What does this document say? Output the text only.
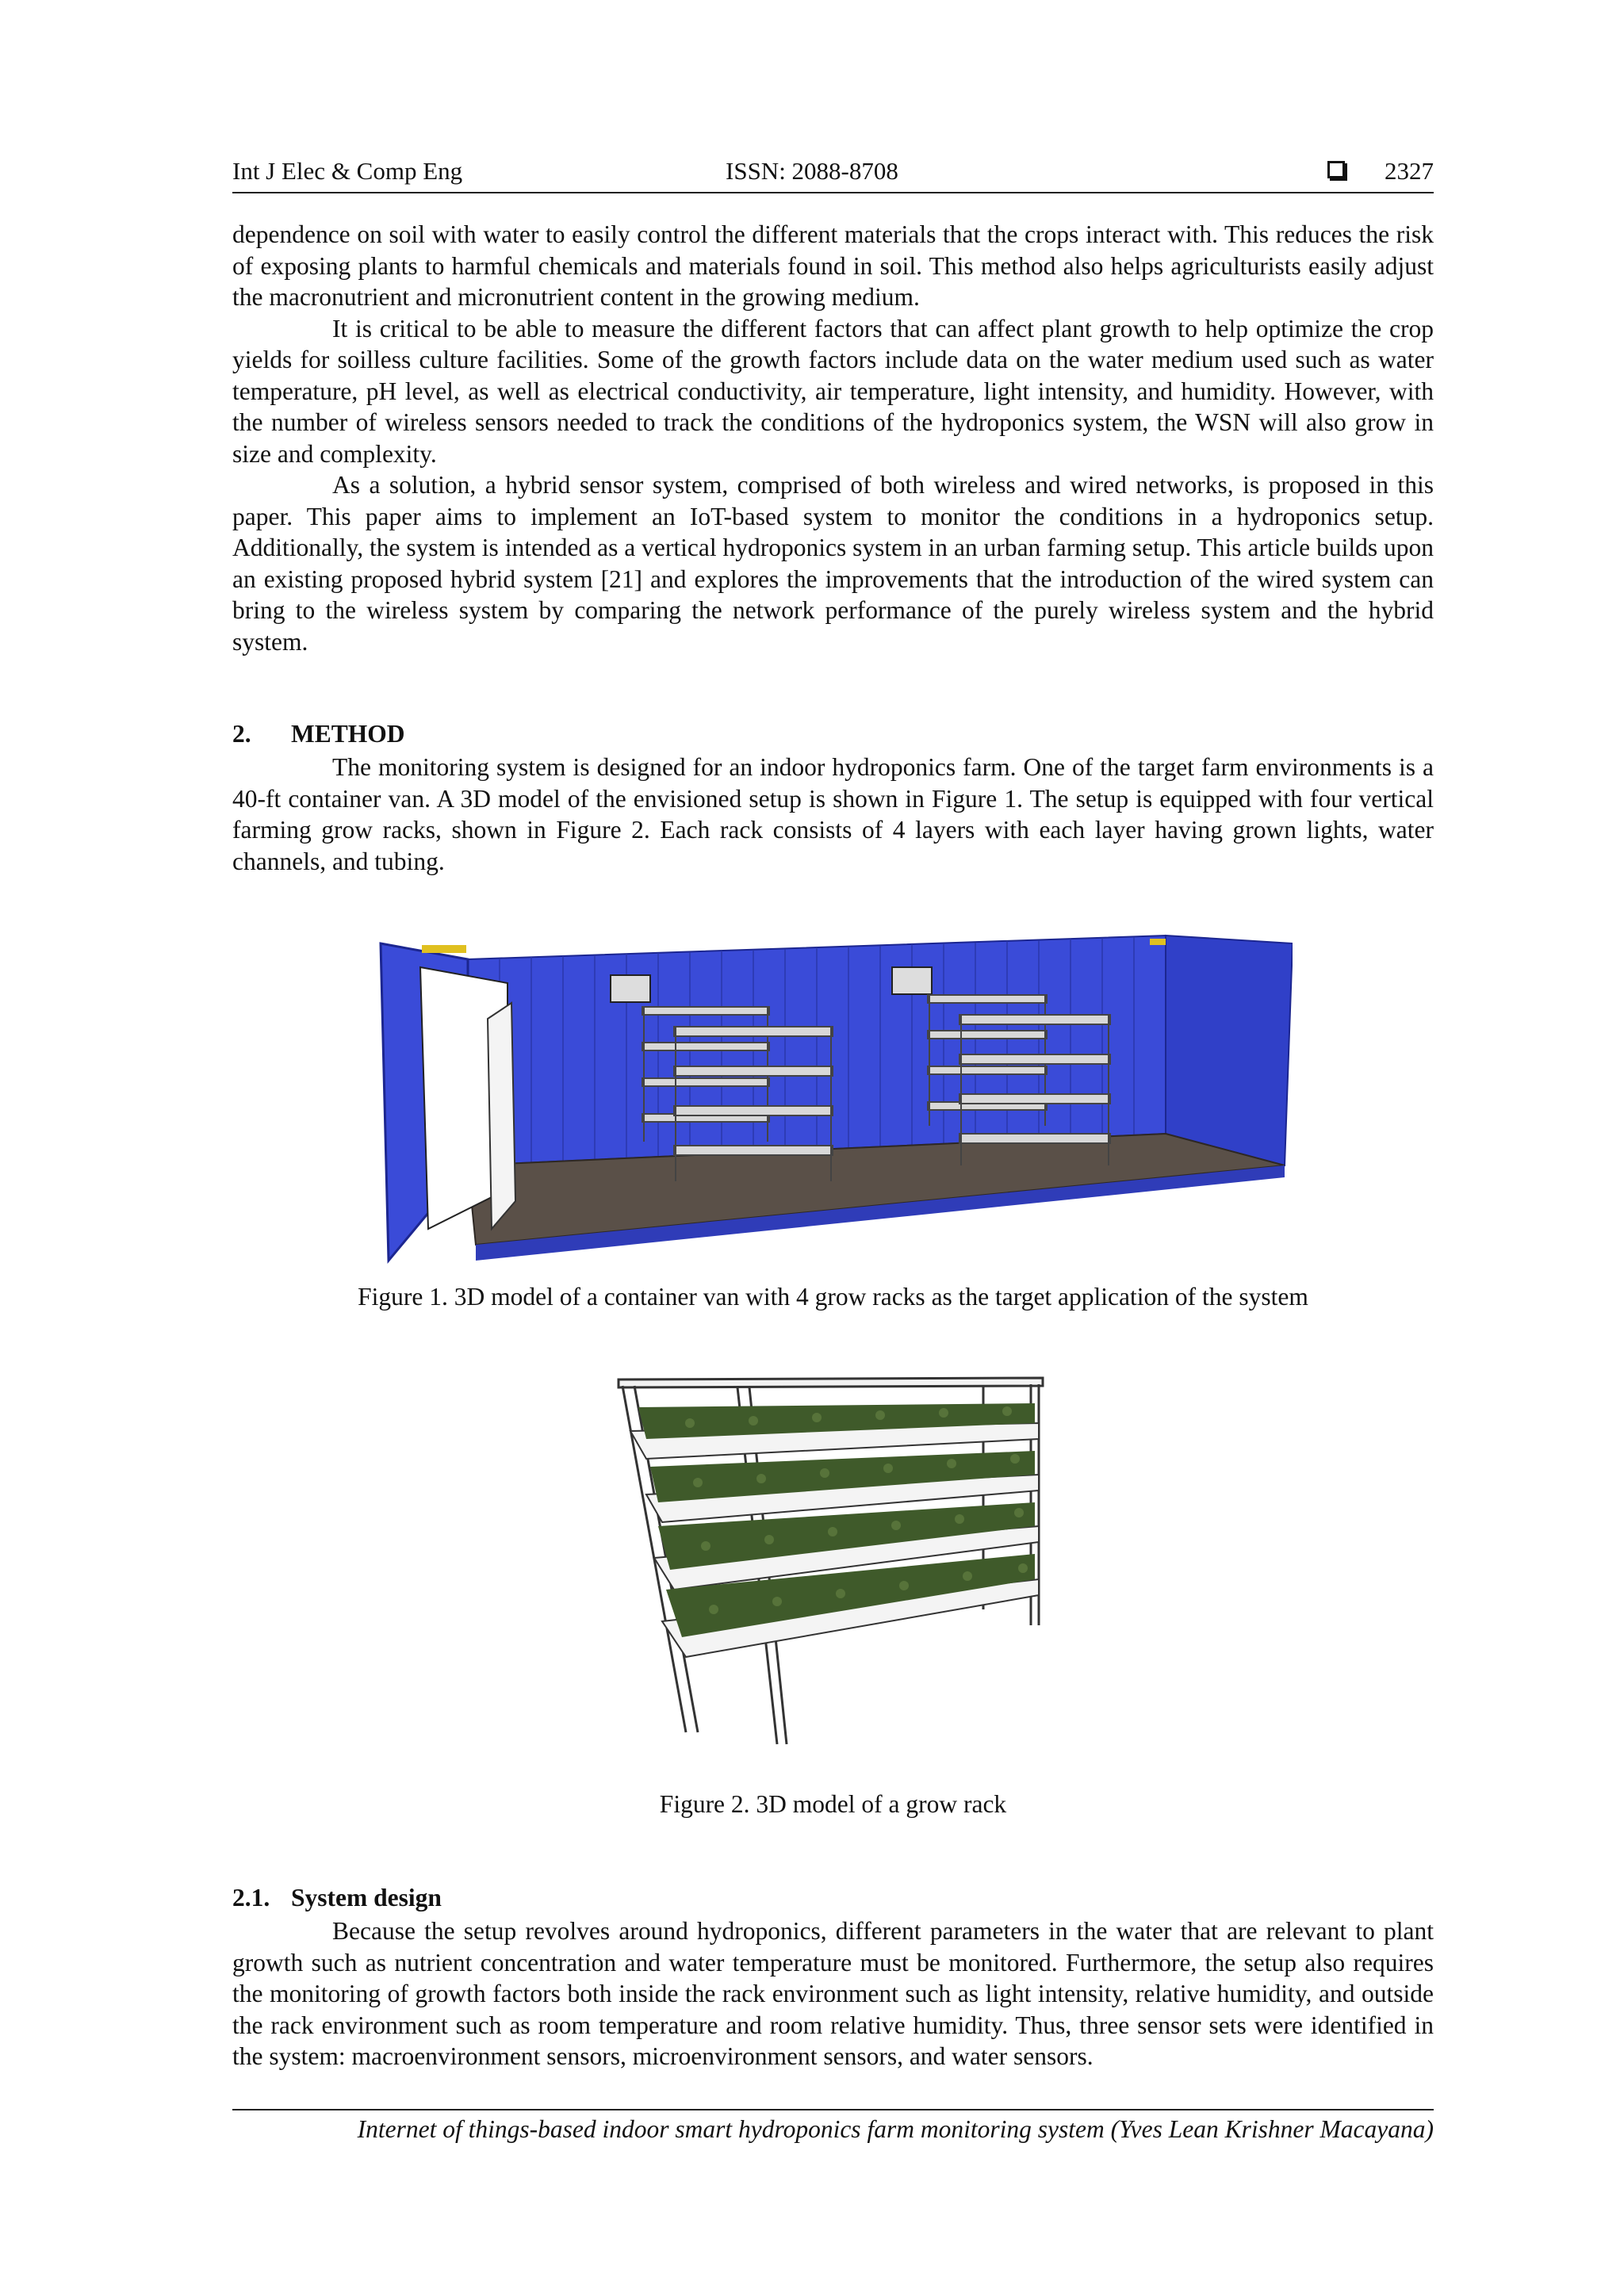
Int J Elec & Comp Eng	ISSN: 2088-8708	2327

dependence on soil with water to easily control the different materials that the crops interact with. This reduces the risk of exposing plants to harmful chemicals and materials found in soil. This method also helps agriculturists easily adjust the macronutrient and micronutrient content in the growing medium.

It is critical to be able to measure the different factors that can affect plant growth to help optimize the crop yields for soilless culture facilities. Some of the growth factors include data on the water medium used such as water temperature, pH level, as well as electrical conductivity, air temperature, light intensity, and humidity. However, with the number of wireless sensors needed to track the conditions of the hydroponics system, the WSN will also grow in size and complexity.

As a solution, a hybrid sensor system, comprised of both wireless and wired networks, is proposed in this paper. This paper aims to implement an IoT-based system to monitor the conditions in a hydroponics setup. Additionally, the system is intended as a vertical hydroponics system in an urban farming setup. This article builds upon an existing proposed hybrid system [21] and explores the improvements that the introduction of the wired system can bring to the wireless system by comparing the network performance of the purely wireless system and the hybrid system.

2. METHOD

The monitoring system is designed for an indoor hydroponics farm. One of the target farm environments is a 40-ft container van. A 3D model of the envisioned setup is shown in Figure 1. The setup is equipped with four vertical farming grow racks, shown in Figure 2. Each rack consists of 4 layers with each layer having grown lights, water channels, and tubing.

Figure 1. 3D model of a container van with 4 grow racks as the target application of the system
Figure 2. 3D model of a grow rack
2.1. System design

Because the setup revolves around hydroponics, different parameters in the water that are relevant to plant growth such as nutrient concentration and water temperature must be monitored. Furthermore, the setup also requires the monitoring of growth factors both inside the rack environment such as light intensity, relative humidity, and outside the rack environment such as room temperature and room relative humidity. Thus, three sensor sets were identified in the system: macroenvironment sensors, microenvironment sensors, and water sensors.

Internet of things-based indoor smart hydroponics farm monitoring system (Yves Lean Krishner Macayana)
